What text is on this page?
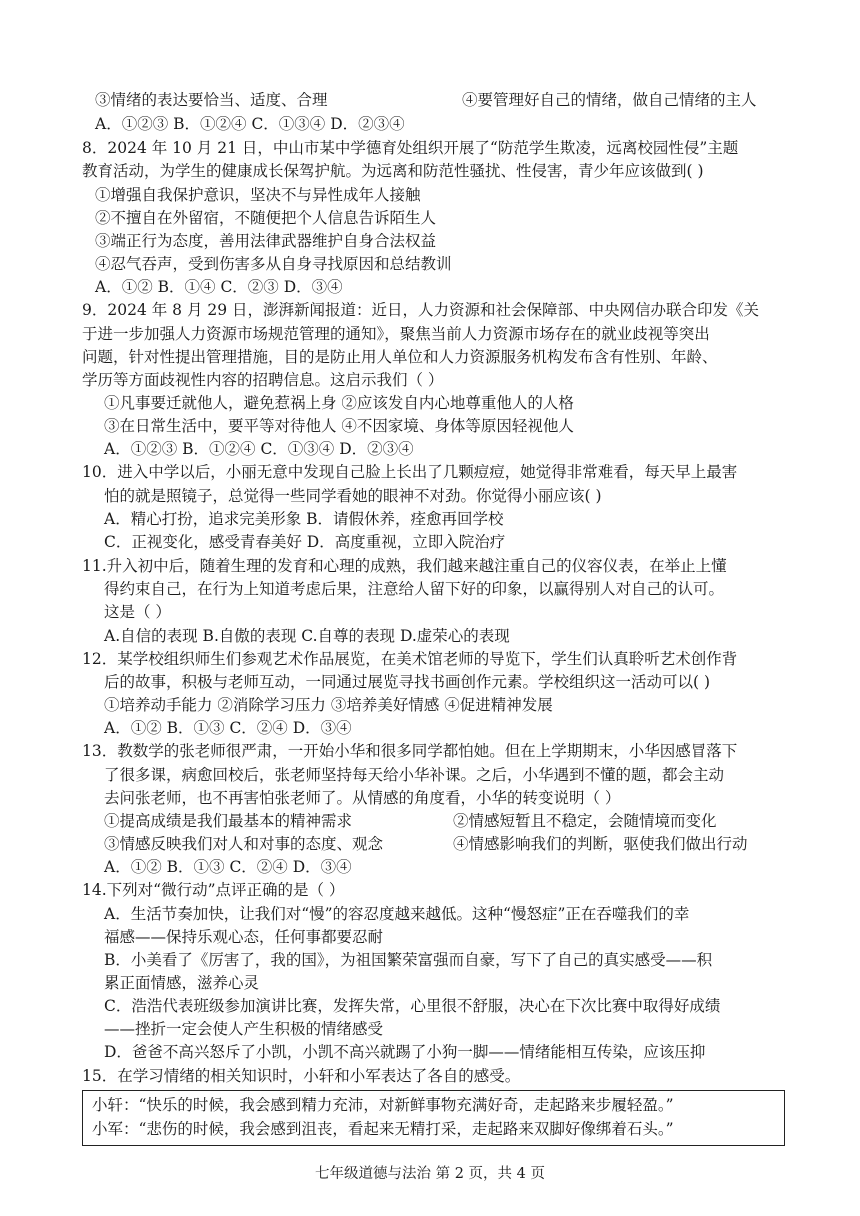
③情绪的表达要恰当、适度、合理	④要管理好自己的情绪，做自己情绪的主人
A．①②③ B．①②④ C．①③④ D．②③④
8．2024 年 10 月 21 日，中山市某中学德育处组织开展了“防范学生欺凌，远离校园性侵”主题
教育活动，为学生的健康成长保驾护航。为远离和防范性骚扰、性侵害，青少年应该做到( )
①增强自我保护意识，坚决不与异性成年人接触
②不擅自在外留宿，不随便把个人信息告诉陌生人
③端正行为态度，善用法律武器维护自身合法权益
④忍气吞声，受到伤害多从自身寻找原因和总结教训
A．①② B．①④ C．②③ D．③④
9．2024 年 8 月 29 日，澎湃新闻报道：近日，人力资源和社会保障部、中央网信办联合印发《关
于进一步加强人力资源市场规范管理的通知》，聚焦当前人力资源市场存在的就业歧视等突出
问题，针对性提出管理措施，目的是防止用人单位和人力资源服务机构发布含有性别、年龄、
学历等方面歧视性内容的招聘信息。这启示我们（ ）
①凡事要迁就他人，避免惹祸上身 ②应该发自内心地尊重他人的人格
③在日常生活中，要平等对待他人 ④不因家境、身体等原因轻视他人
A．①②③ B．①②④ C．①③④ D．②③④
10．进入中学以后，小丽无意中发现自己脸上长出了几颗痘痘，她觉得非常难看，每天早上最害
怕的就是照镜子，总觉得一些同学看她的眼神不对劲。你觉得小丽应该( )
A．精心打扮，追求完美形象 B．请假休养，痊愈再回学校
C．正视变化，感受青春美好 D．高度重视，立即入院治疗
11.升入初中后，随着生理的发育和心理的成熟，我们越来越注重自己的仪容仪表，在举止上懂
得约束自己，在行为上知道考虑后果，注意给人留下好的印象，以赢得别人对自己的认可。
这是（ ）
A.自信的表现 B.自傲的表现 C.自尊的表现 D.虚荣心的表现
12．某学校组织师生们参观艺术作品展览，在美术馆老师的导览下，学生们认真聆听艺术创作背
后的故事，积极与老师互动，一同通过展览寻找书画创作元素。学校组织这一活动可以( )
①培养动手能力 ②消除学习压力 ③培养美好情感 ④促进精神发展
A．①② B．①③ C．②④ D．③④
13．教数学的张老师很严肃，一开始小华和很多同学都怕她。但在上学期期末，小华因感冒落下
了很多课，病愈回校后，张老师坚持每天给小华补课。之后，小华遇到不懂的题，都会主动
去问张老师，也不再害怕张老师了。从情感的角度看，小华的转变说明（ ）
①提高成绩是我们最基本的精神需求	②情感短暂且不稳定，会随情境而变化
③情感反映我们对人和对事的态度、观念	④情感影响我们的判断，驱使我们做出行动
A．①② B．①③ C．②④ D．③④
14.下列对“微行动”点评正确的是（ ）
A．生活节奏加快，让我们对“慢”的容忍度越来越低。这种“慢怒症”正在吞噬我们的幸
福感——保持乐观心态，任何事都要忍耐
B．小美看了《厉害了，我的国》，为祖国繁荣富强而自豪，写下了自己的真实感受——积
累正面情感，滋养心灵
C．浩浩代表班级参加演讲比赛，发挥失常，心里很不舒服，决心在下次比赛中取得好成绩
——挫折一定会使人产生积极的情绪感受
D．爸爸不高兴怒斥了小凯，小凯不高兴就踢了小狗一脚——情绪能相互传染，应该压抑
15．在学习情绪的相关知识时，小轩和小军表达了各自的感受。
小轩：“快乐的时候，我会感到精力充沛，对新鲜事物充满好奇，走起路来步履轻盈。”
小军：“悲伤的时候，我会感到沮丧，看起来无精打采，走起路来双脚好像绑着石头。”
七年级道德与法治 第 2 页，共 4 页
